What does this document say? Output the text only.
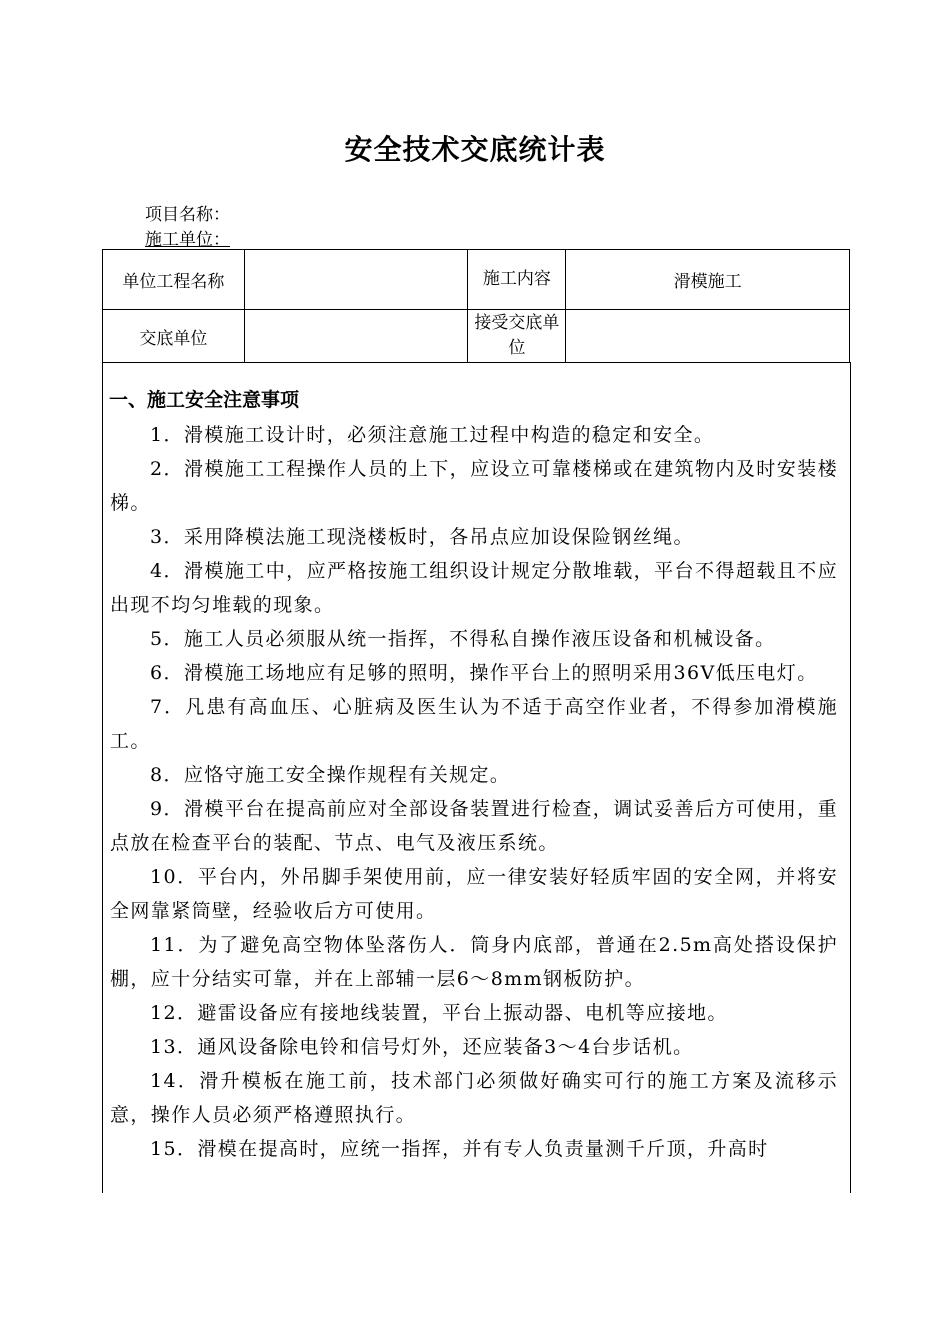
安全技术交底统计表
项目名称：
施工单位：
单位工程名称		施工内容	滑模施工
交底单位		接受交底单位	
一、施工安全注意事项

1．滑模施工设计时，必须注意施工过程中构造的稳定和安全。

2．滑模施工工程操作人员的上下，应设立可靠楼梯或在建筑物内及时安装楼梯。

3．采用降模法施工现浇楼板时，各吊点应加设保险钢丝绳。

4．滑模施工中，应严格按施工组织设计规定分散堆载，平台不得超载且不应出现不均匀堆载的现象。

5．施工人员必须服从统一指挥，不得私自操作液压设备和机械设备。

6．滑模施工场地应有足够的照明，操作平台上的照明采用36V低压电灯。

7．凡患有高血压、心脏病及医生认为不适于高空作业者，不得参加滑模施工。

8．应恪守施工安全操作规程有关规定。

9．滑模平台在提高前应对全部设备装置进行检查，调试妥善后方可使用，重点放在检查平台的装配、节点、电气及液压系统。

10．平台内，外吊脚手架使用前，应一律安装好轻质牢固的安全网，并将安全网靠紧筒壁，经验收后方可使用。

11．为了避免高空物体坠落伤人．筒身内底部，普通在2.5m高处搭设保护棚，应十分结实可靠，并在上部辅一层6～8mm钢板防护。

12．避雷设备应有接地线装置，平台上振动器、电机等应接地。

13．通风设备除电铃和信号灯外，还应装备3～4台步话机。

14．滑升模板在施工前，技术部门必须做好确实可行的施工方案及流移示意，操作人员必须严格遵照执行。

15．滑模在提高时，应统一指挥，并有专人负责量测千斤顶，升高时
